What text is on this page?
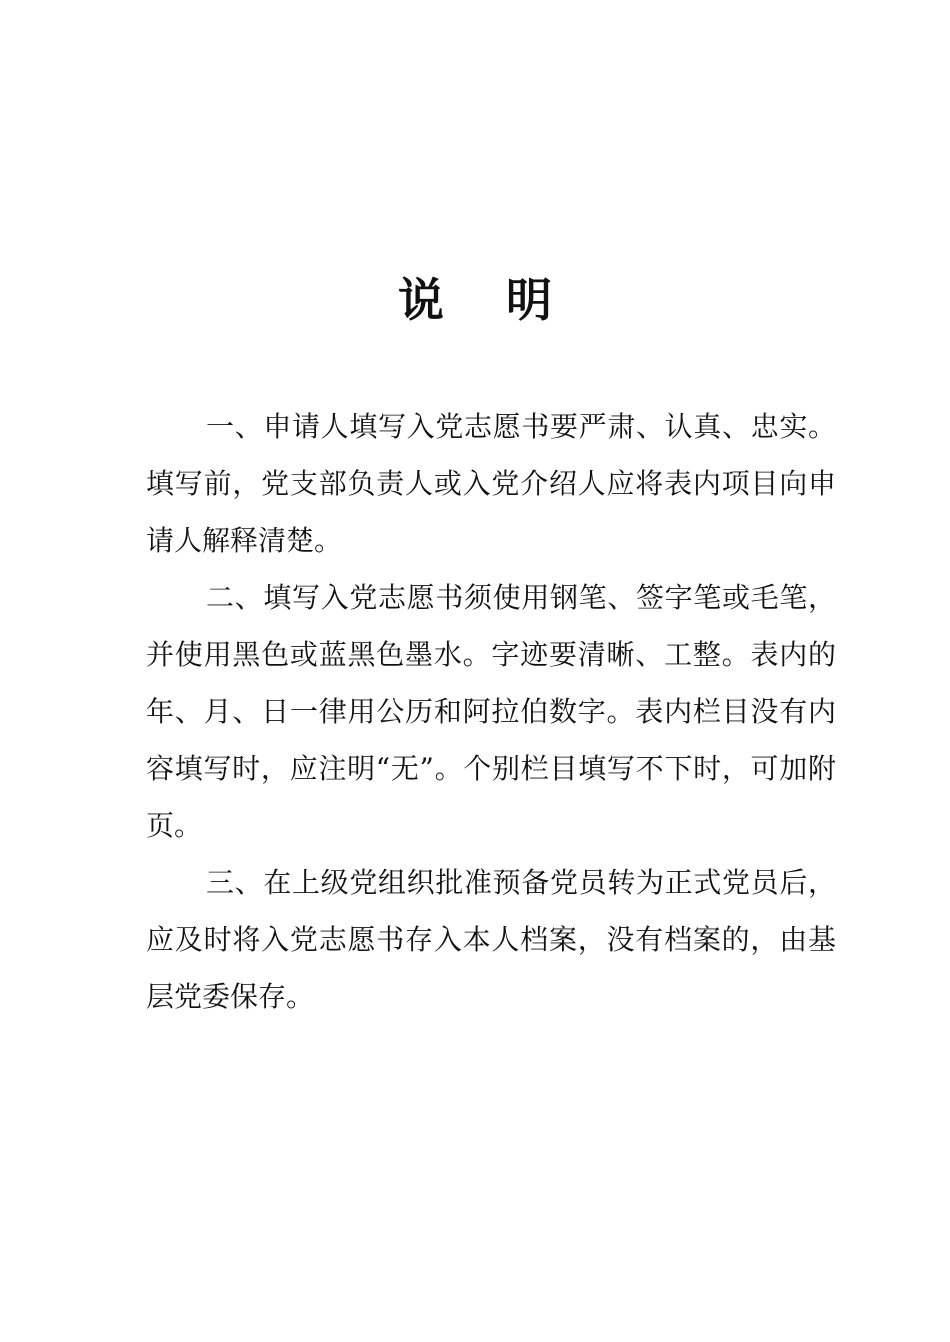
说 明

一、申请人填写入党志愿书要严肃、认真、忠实。填写前，党支部负责人或入党介绍人应将表内项目向申请人解释清楚。

二、填写入党志愿书须使用钢笔、签字笔或毛笔，并使用黑色或蓝黑色墨水。字迹要清晰、工整。表内的年、月、日一律用公历和阿拉伯数字。表内栏目没有内容填写时，应注明“无”。个别栏目填写不下时，可加附页。

三、在上级党组织批准预备党员转为正式党员后，应及时将入党志愿书存入本人档案，没有档案的，由基层党委保存。
